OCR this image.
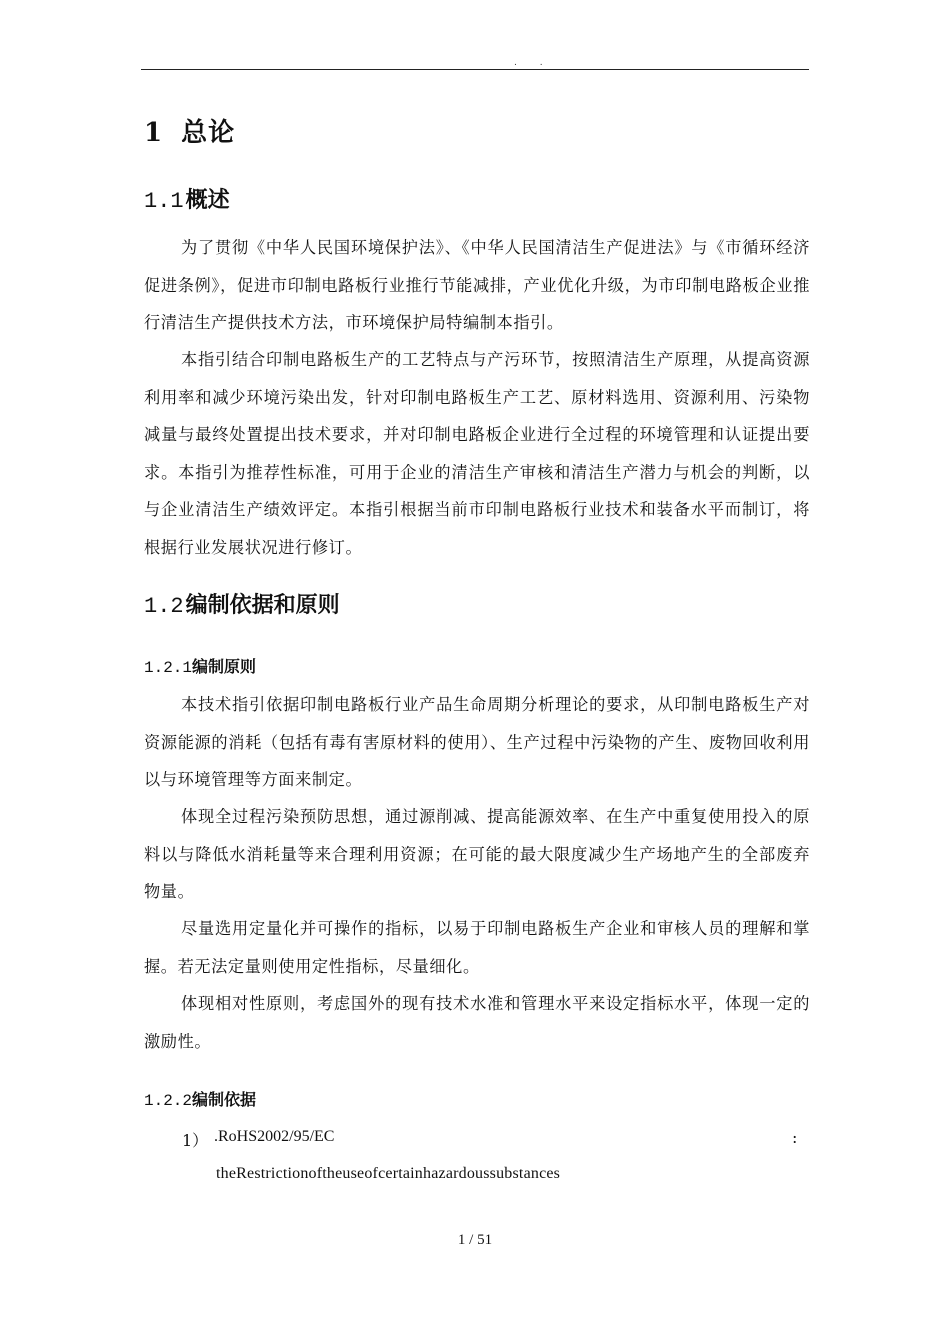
. .
1 总论
1.1概述

为了贯彻《中华人民国环境保护法》、《中华人民国清洁生产促进法》与《市循环经济促进条例》，促进市印制电路板行业推行节能减排，产业优化升级，为市印制电路板企业推行清洁生产提供技术方法，市环境保护局特编制本指引。

本指引结合印制电路板生产的工艺特点与产污环节，按照清洁生产原理，从提高资源利用率和减少环境污染出发，针对印制电路板生产工艺、原材料选用、资源利用、污染物减量与最终处置提出技术要求，并对印制电路板企业进行全过程的环境管理和认证提出要求。本指引为推荐性标准，可用于企业的清洁生产审核和清洁生产潜力与机会的判断，以与企业清洁生产绩效评定。本指引根据当前市印制电路板行业技术和装备水平而制订，将根据行业发展状况进行修订。

1.2编制依据和原则
1.2.1编制原则

本技术指引依据印制电路板行业产品生命周期分析理论的要求，从印制电路板生产对资源能源的消耗（包括有毒有害原材料的使用）、生产过程中污染物的产生、废物回收利用以与环境管理等方面来制定。

体现全过程污染预防思想，通过源削减、提高能源效率、在生产中重复使用投入的原料以与降低水消耗量等来合理利用资源；在可能的最大限度减少生产场地产生的全部废弃物量。

尽量选用定量化并可操作的指标，以易于印制电路板生产企业和审核人员的理解和掌握。若无法定量则使用定性指标，尽量细化。

体现相对性原则，考虑国外的现有技术水准和管理水平来设定指标水平，体现一定的激励性。

1.2.2编制依据
1） .RoHS2002/95/EC	:
theRestrictionoftheuseofcertainhazardoussubstances
1 / 51
